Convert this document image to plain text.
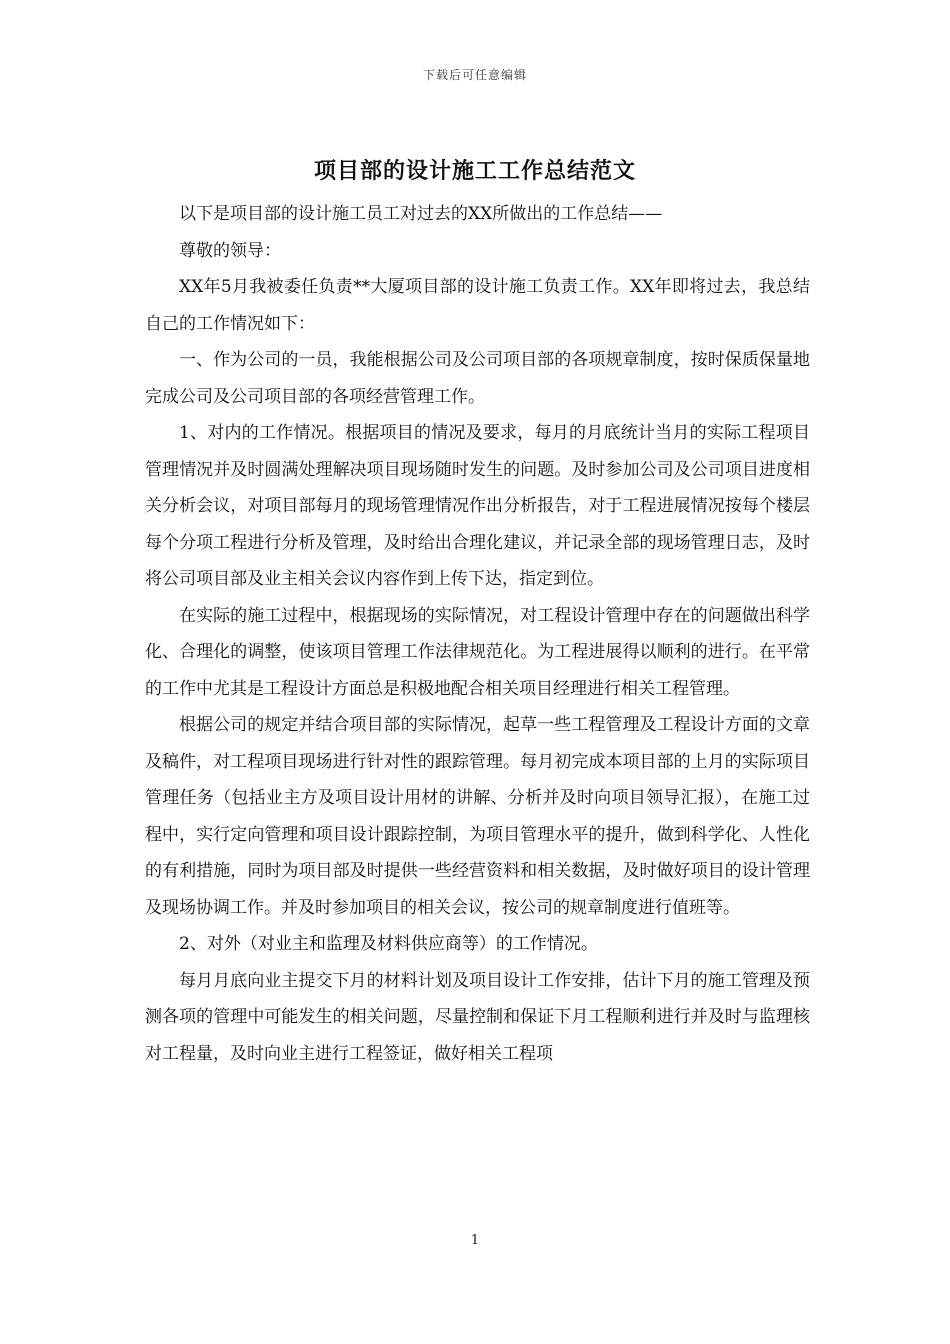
下载后可任意编辑
项目部的设计施工工作总结范文

以下是项目部的设计施工员工对过去的XX所做出的工作总结——

尊敬的领导：

XX年5月我被委任负责**大厦项目部的设计施工负责工作。XX年即将过去，我总结自己的工作情况如下：

一、作为公司的一员，我能根据公司及公司项目部的各项规章制度，按时保质保量地完成公司及公司项目部的各项经营管理工作。

1、对内的工作情况。根据项目的情况及要求，每月的月底统计当月的实际工程项目管理情况并及时圆满处理解决项目现场随时发生的问题。及时参加公司及公司项目进度相关分析会议，对项目部每月的现场管理情况作出分析报告，对于工程进展情况按每个楼层每个分项工程进行分析及管理，及时给出合理化建议，并记录全部的现场管理日志，及时将公司项目部及业主相关会议内容作到上传下达，指定到位。

在实际的施工过程中，根据现场的实际情况，对工程设计管理中存在的问题做出科学化、合理化的调整，使该项目管理工作法律规范化。为工程进展得以顺利的进行。在平常的工作中尤其是工程设计方面总是积极地配合相关项目经理进行相关工程管理。

根据公司的规定并结合项目部的实际情况，起草一些工程管理及工程设计方面的文章及稿件，对工程项目现场进行针对性的跟踪管理。每月初完成本项目部的上月的实际项目管理任务（包括业主方及项目设计用材的讲解、分析并及时向项目领导汇报），在施工过程中，实行定向管理和项目设计跟踪控制，为项目管理水平的提升，做到科学化、人性化的有利措施，同时为项目部及时提供一些经营资料和相关数据，及时做好项目的设计管理及现场协调工作。并及时参加项目的相关会议，按公司的规章制度进行值班等。

2、对外（对业主和监理及材料供应商等）的工作情况。

每月月底向业主提交下月的材料计划及项目设计工作安排，估计下月的施工管理及预测各项的管理中可能发生的相关问题，尽量控制和保证下月工程顺利进行并及时与监理核对工程量，及时向业主进行工程签证，做好相关工程项

1
